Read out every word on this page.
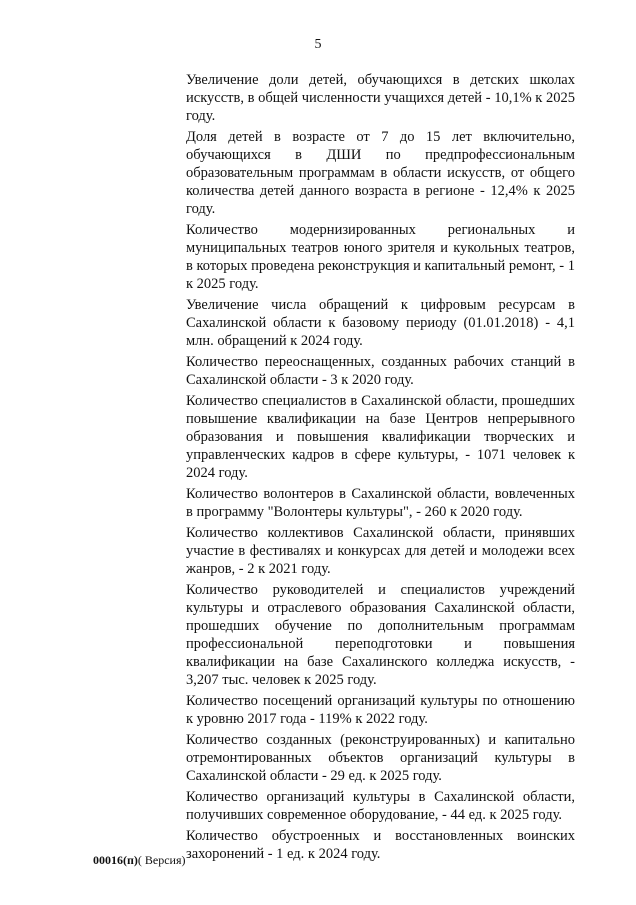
5

Увеличение доли детей, обучающихся в детских школах искусств, в общей численности учащихся детей - 10,1% к 2025 году.

Доля детей в возрасте от 7 до 15 лет включительно, обучающихся в ДШИ по предпрофессиональным образовательным программам в области искусств, от общего количества детей данного возраста в регионе - 12,4% к 2025 году.

Количество модернизированных региональных и муниципальных театров юного зрителя и кукольных театров, в которых проведена реконструкция и капитальный ремонт, - 1 к 2025 году.

Увеличение числа обращений к цифровым ресурсам в Сахалинской области к базовому периоду (01.01.2018) - 4,1 млн. обращений к 2024 году.

Количество переоснащенных, созданных рабочих станций в Сахалинской области - 3 к 2020 году.

Количество специалистов в Сахалинской области, прошедших повышение квалификации на базе Центров непрерывного образования и повышения квалификации творческих и управленческих кадров в сфере культуры, - 1071 человек к 2024 году.

Количество волонтеров в Сахалинской области, вовлеченных в программу "Волонтеры культуры", - 260 к 2020 году.

Количество коллективов Сахалинской области, принявших участие в фестивалях и конкурсах для детей и молодежи всех жанров, - 2 к 2021 году.

Количество руководителей и специалистов учреждений культуры и отраслевого образования Сахалинской области, прошедших обучение по дополнительным программам профессиональной переподготовки и повышения квалификации на базе Сахалинского колледжа искусств, - 3,207 тыс. человек к 2025 году.

Количество посещений организаций культуры по отношению к уровню 2017 года - 119% к 2022 году.

Количество созданных (реконструированных) и капитально отремонтированных объектов организаций культуры в Сахалинской области - 29 ед. к 2025 году.

Количество организаций культуры в Сахалинской области, получивших современное оборудование, - 44 ед. к 2025 году.

Количество обустроенных и восстановленных воинских захоронений - 1 ед. к 2024 году.

00016(п)( Версия)
